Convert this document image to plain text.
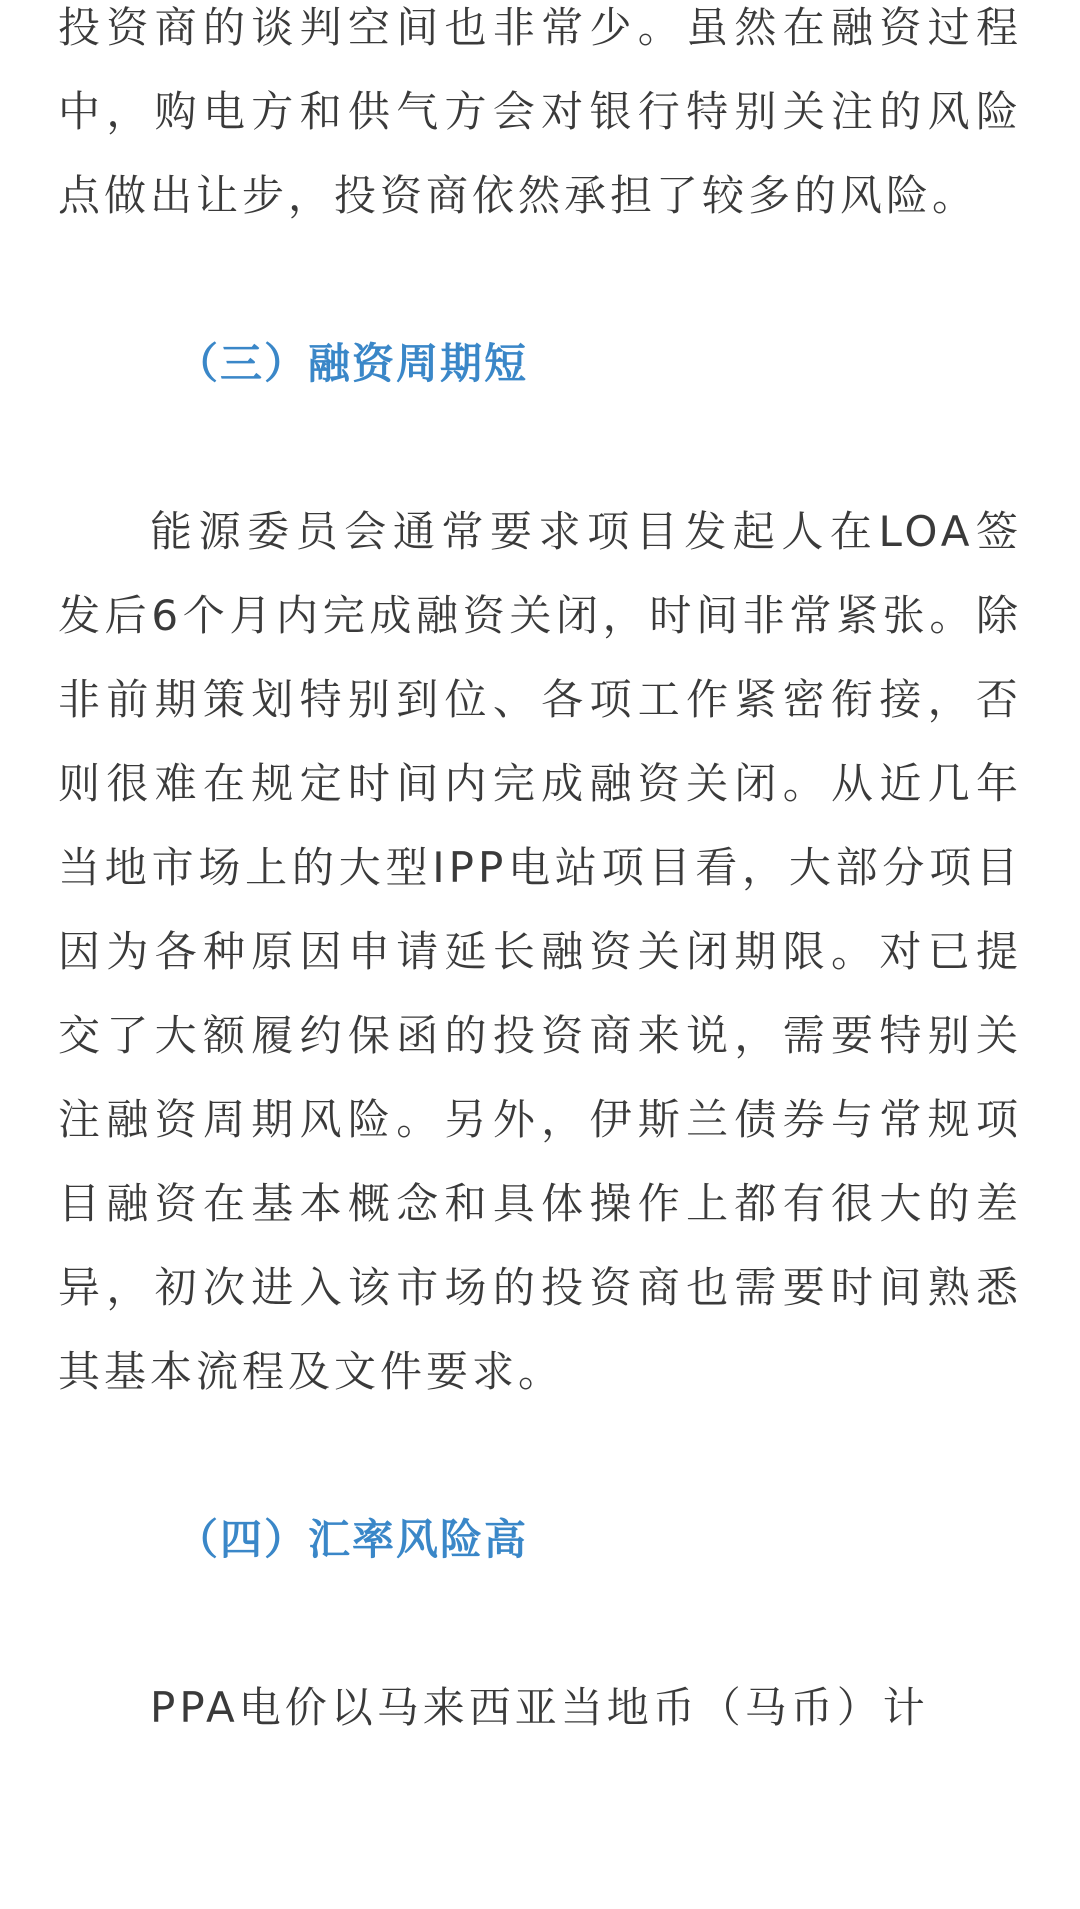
投资商的谈判空间也非常少。虽然在融资过程中，购电方和供气方会对银行特别关注的风险点做出让步，投资商依然承担了较多的风险。

（三）融资周期短

能源委员会通常要求项目发起人在LOA签发后6个月内完成融资关闭，时间非常紧张。除非前期策划特别到位、各项工作紧密衔接，否则很难在规定时间内完成融资关闭。从近几年当地市场上的大型IPP电站项目看，大部分项目因为各种原因申请延长融资关闭期限。对已提交了大额履约保函的投资商来说，需要特别关注融资周期风险。另外，伊斯兰债券与常规项目融资在基本概念和具体操作上都有很大的差异，初次进入该市场的投资商也需要时间熟悉其基本流程及文件要求。

（四）汇率风险高

PPA电价以马来西亚当地币（马币）计
